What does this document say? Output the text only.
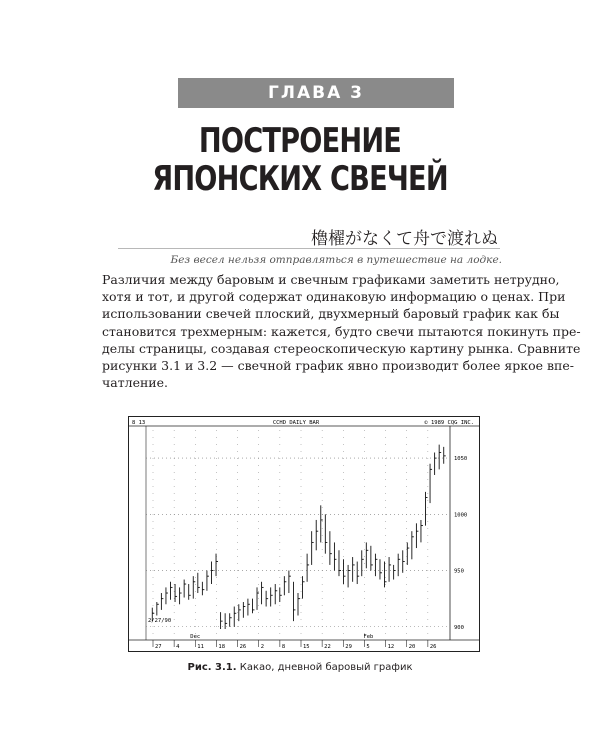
ГЛАВА 3
ПОСТРОЕНИЕ
ЯПОНСКИХ СВЕЧЕЙ
櫓櫂がなくて舟で渡れぬ
Без весел нельзя отправляться в путешествие на лодке.
Различия между баровым и свечным графиками заметить нетрудно,
хотя и тот, и другой содержат одинаковую информацию о ценах. При
использовании свечей плоский, двухмерный баровый график как бы
становится трехмерным: кажется, будто свечи пытаются покинуть пре-
делы страницы, создавая стереоскопическую картину рынка. Сравните
рисунки 3.1 и 3.2 — свечной график явно производит более яркое впе-
чатление.
8 13	CCHD DAILY BAR	© 1989 CQG INC.
2/27/90
900
950
1000
1050
27	4	11	18	26	2	8	15	22	29	5	12	20	26
Dec	Feb
Рис. 3.1. Какао, дневной баровый график
